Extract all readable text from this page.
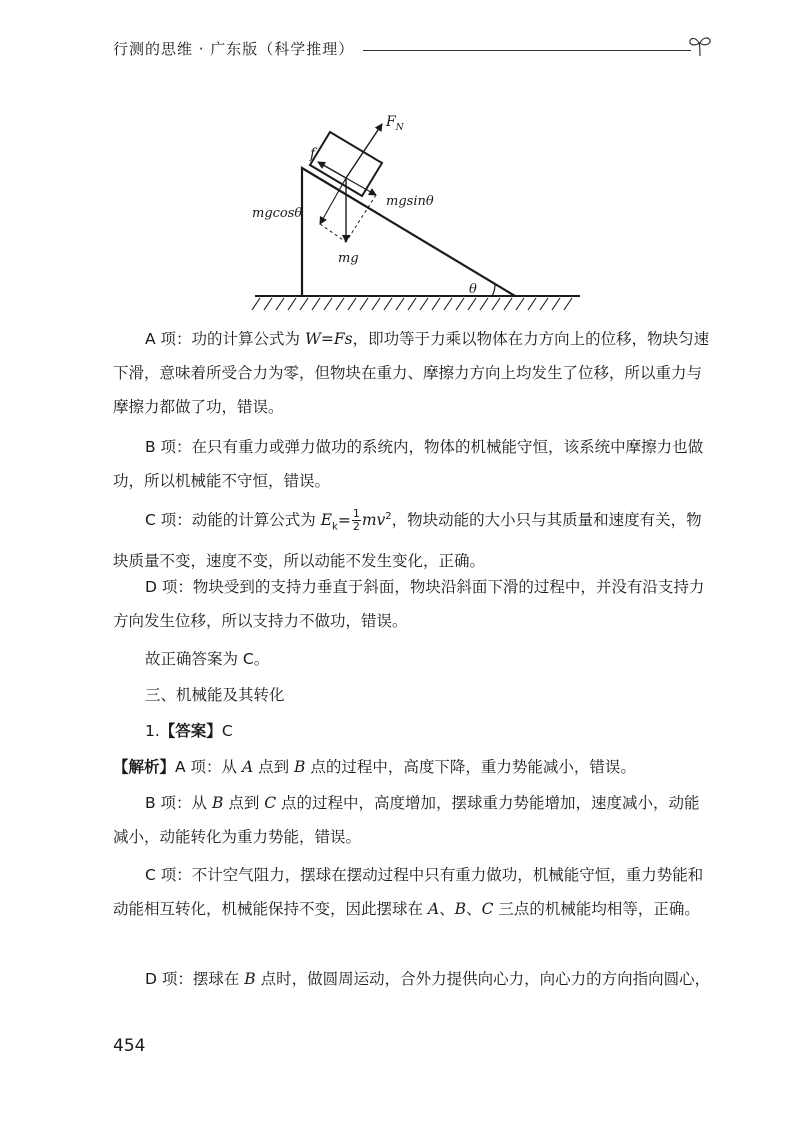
行测的思维 · 广东版（科学推理）
$F_N$
f
mgcosθ
mgsinθ
mg
θ

A 项：功的计算公式为 W=Fs，即功等于力乘以物体在力方向上的位移，物块匀速下滑，意味着所受合力为零，但物块在重力、摩擦力方向上均发生了位移，所以重力与摩擦力都做了功，错误。

B 项：在只有重力或弹力做功的系统内，物体的机械能守恒，该系统中摩擦力也做功，所以机械能不守恒，错误。

C 项：动能的计算公式为 $E_k= \frac{1}{2} mv^2$，物块动能的大小只与其质量和速度有关，物块质量不变，速度不变，所以动能不发生变化，正确。

D 项：物块受到的支持力垂直于斜面，物块沿斜面下滑的过程中，并没有沿支持力方向发生位移，所以支持力不做功，错误。

故正确答案为 C。

三、机械能及其转化

1.【答案】C

【解析】A 项：从 A 点到 B 点的过程中，高度下降，重力势能减小，错误。

B 项：从 B 点到 C 点的过程中，高度增加，摆球重力势能增加，速度减小，动能减小，动能转化为重力势能，错误。

C 项：不计空气阻力，摆球在摆动过程中只有重力做功，机械能守恒，重力势能和动能相互转化，机械能保持不变，因此摆球在 A、B、C 三点的机械能均相等，正确。

D 项：摆球在 B 点时，做圆周运动，合外力提供向心力，向心力的方向指向圆心，

454
